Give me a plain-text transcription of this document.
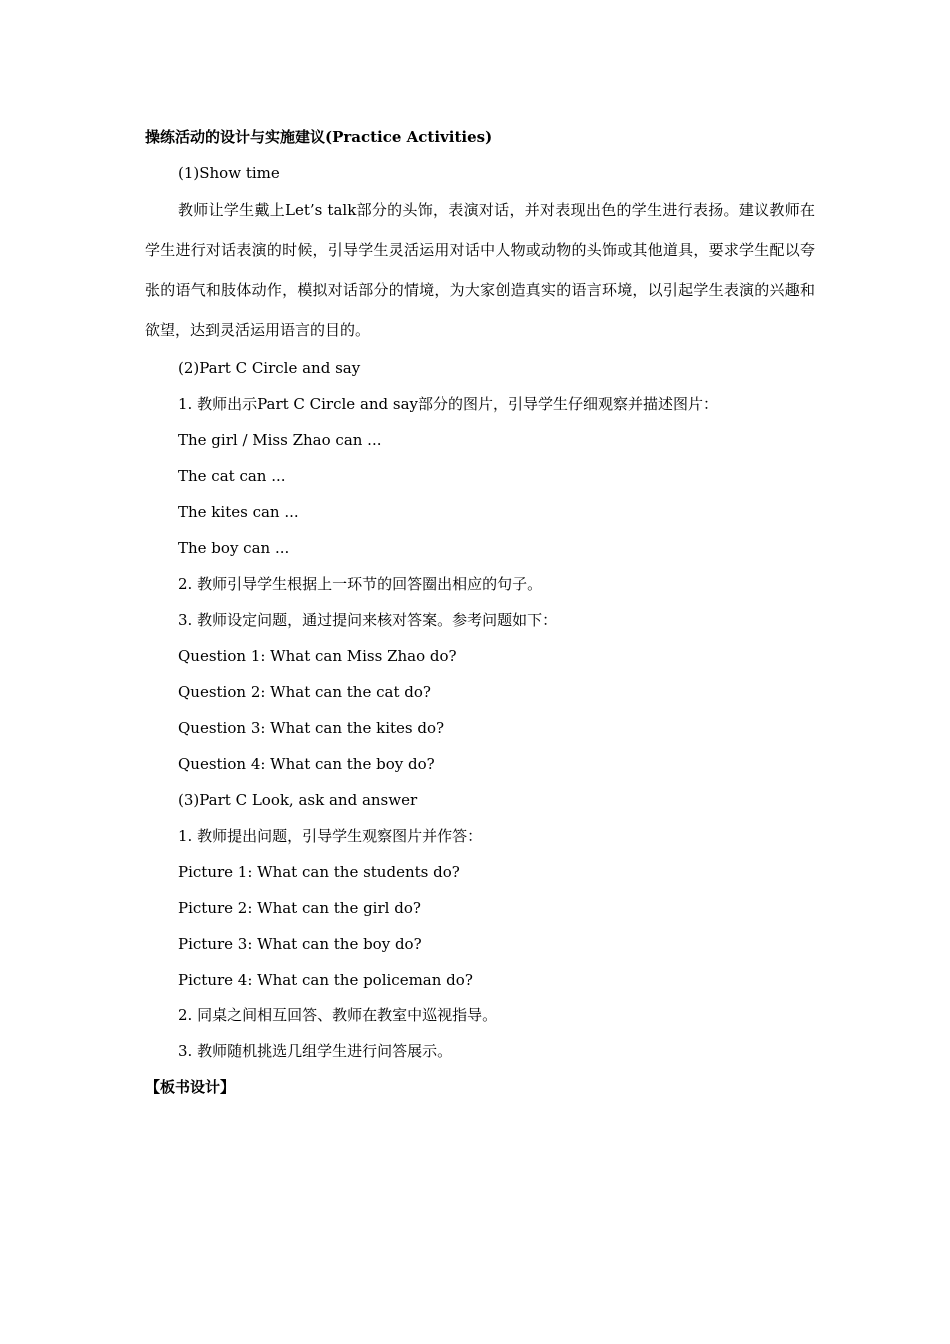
操练活动的设计与实施建议(Practice Activities)
(1)Show time
教师让学生戴上Let’s talk部分的头饰，表演对话，并对表现出色的学生进行表扬。建议教师在学生进行对话表演的时候，引导学生灵活运用对话中人物或动物的头饰或其他道具，要求学生配以夸张的语气和肢体动作，模拟对话部分的情境，为大家创造真实的语言环境，以引起学生表演的兴趣和欲望，达到灵活运用语言的目的。
(2)Part C Circle and say
1. 教师出示Part C Circle and say部分的图片，引导学生仔细观察并描述图片：
The girl / Miss Zhao can ...
The cat can ...
The kites can ...
The boy can ...
2. 教师引导学生根据上一环节的回答圈出相应的句子。
3. 教师设定问题，通过提问来核对答案。参考问题如下：
Question 1: What can Miss Zhao do?
Question 2: What can the cat do?
Question 3: What can the kites do?
Question 4: What can the boy do?
(3)Part C Look, ask and answer
1. 教师提出问题，引导学生观察图片并作答：
Picture 1: What can the students do?
Picture 2: What can the girl do?
Picture 3: What can the boy do?
Picture 4: What can the policeman do?
2. 同桌之间相互回答、教师在教室中巡视指导。
3. 教师随机挑选几组学生进行问答展示。
【板书设计】
